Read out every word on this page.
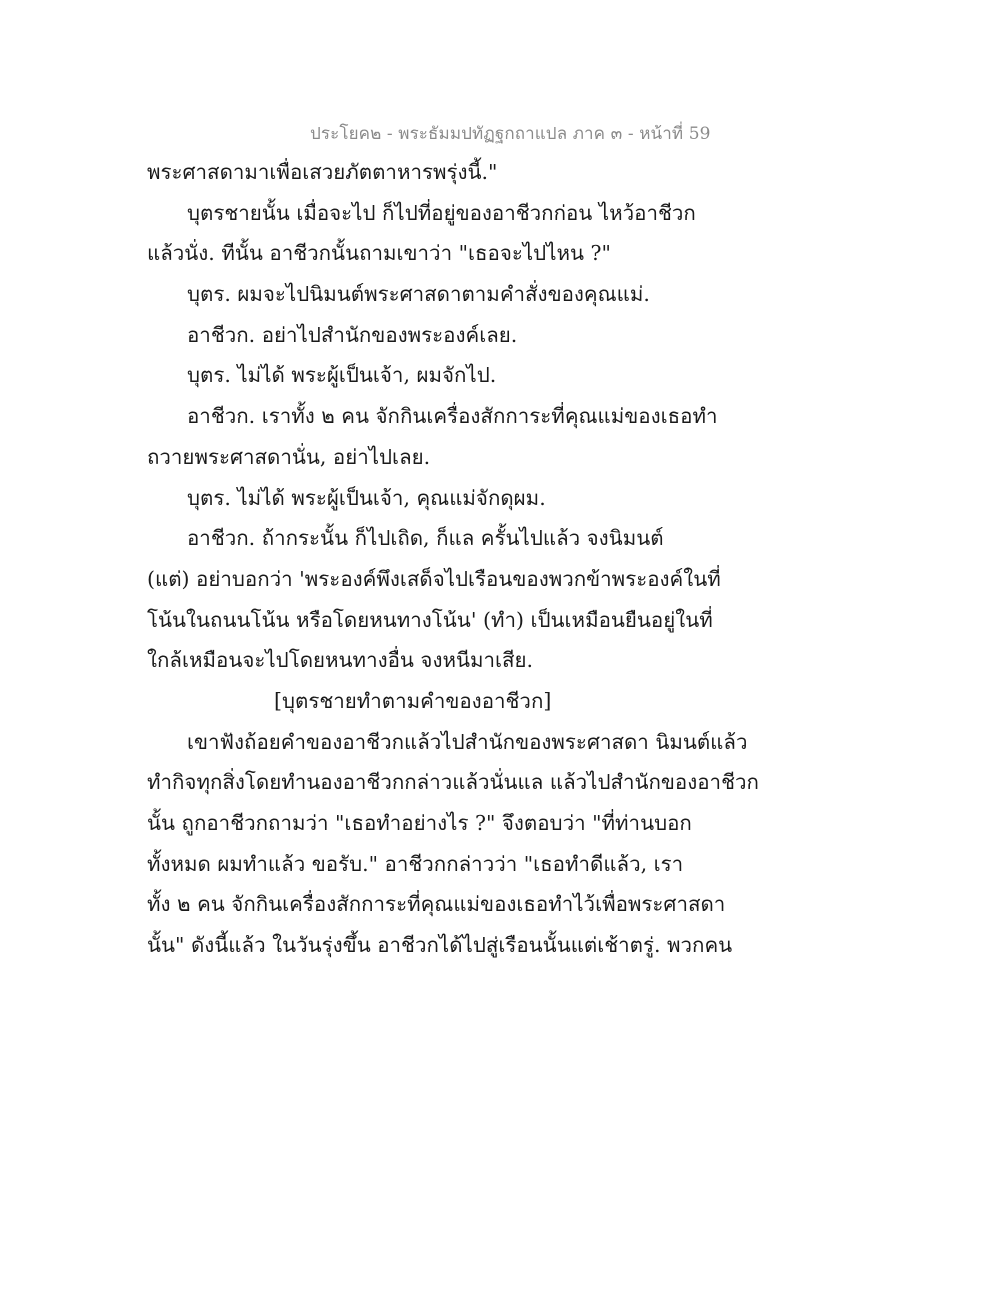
ประโยค๒ - พระธัมมปทัฏฐกถาแปล ภาค ๓ - หน้าที่ 59
พระศาสดามาเพื่อเสวยภัตตาหารพรุ่งนี้."
บุตรชายนั้น เมื่อจะไป ก็ไปที่อยู่ของอาชีวกก่อน ไหว้อาชีวก
แล้วนั่ง. ทีนั้น อาชีวกนั้นถามเขาว่า "เธอจะไปไหน ?"
บุตร. ผมจะไปนิมนต์พระศาสดาตามคำสั่งของคุณแม่.
อาชีวก. อย่าไปสำนักของพระองค์เลย.
บุตร. ไม่ได้ พระผู้เป็นเจ้า, ผมจักไป.
อาชีวก. เราทั้ง ๒ คน จักกินเครื่องสักการะที่คุณแม่ของเธอทำ
ถวายพระศาสดานั่น, อย่าไปเลย.
บุตร. ไม่ได้ พระผู้เป็นเจ้า, คุณแม่จักดุผม.
อาชีวก. ถ้ากระนั้น ก็ไปเถิด, ก็แล ครั้นไปแล้ว จงนิมนต์
(แต่) อย่าบอกว่า 'พระองค์พึงเสด็จไปเรือนของพวกข้าพระองค์ในที่
โน้นในถนนโน้น หรือโดยหนทางโน้น' (ทำ) เป็นเหมือนยืนอยู่ในที่
ใกล้เหมือนจะไปโดยหนทางอื่น จงหนีมาเสีย.
[บุตรชายทำตามคำของอาชีวก]
เขาฟังถ้อยคำของอาชีวกแล้วไปสำนักของพระศาสดา นิมนต์แล้ว
ทำกิจทุกสิ่งโดยทำนองอาชีวกกล่าวแล้วนั่นแล แล้วไปสำนักของอาชีวก
นั้น ถูกอาชีวกถามว่า "เธอทำอย่างไร ?" จึงตอบว่า "ที่ท่านบอก
ทั้งหมด ผมทำแล้ว ขอรับ." อาชีวกกล่าวว่า "เธอทำดีแล้ว, เรา
ทั้ง ๒ คน จักกินเครื่องสักการะที่คุณแม่ของเธอทำไว้เพื่อพระศาสดา
นั้น" ดังนี้แล้ว ในวันรุ่งขึ้น อาชีวกได้ไปสู่เรือนนั้นแต่เช้าตรู่. พวกคน
